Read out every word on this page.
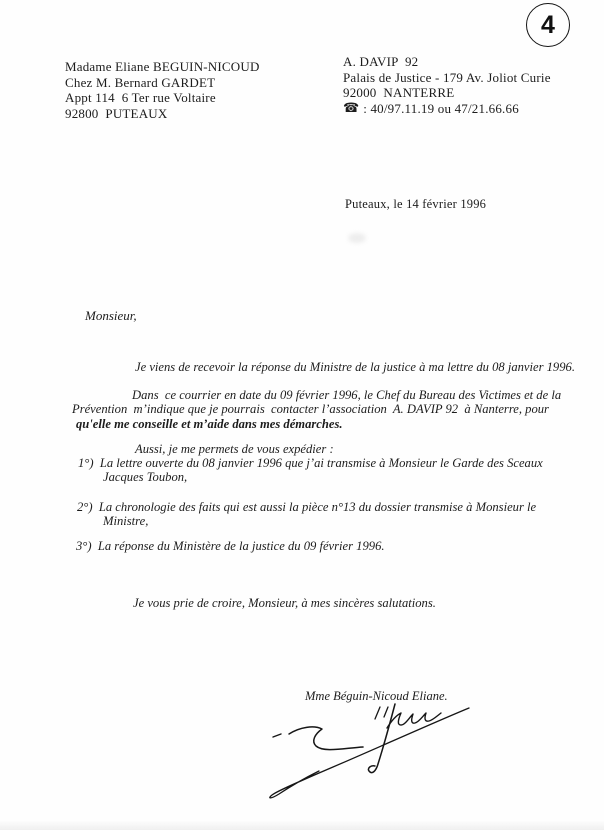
4
Madame Eliane BEGUIN-NICOUD
Chez M. Bernard GARDET
Appt 114  6 Ter rue Voltaire
92800  PUTEAUX
A. DAVIP  92
Palais de Justice - 179 Av. Joliot Curie
92000  NANTERRE
☎ : 40/97.11.19 ou 47/21.66.66
Puteaux, le 14 février 1996
Monsieur,
Je viens de recevoir la réponse du Ministre de la justice à ma lettre du 08 janvier 1996.
Dans  ce courrier en date du 09 février 1996, le Chef du Bureau des Victimes et de la
Prévention  m’indique que je pourrais  contacter l’association  A. DAVIP 92  à Nanterre, pour
qu'elle me conseille et m’aide dans mes démarches.
Aussi, je me permets de vous expédier :
1°)  La lettre ouverte du 08 janvier 1996 que j’ai transmise à Monsieur le Garde des Sceaux
Jacques Toubon,
2°)  La chronologie des faits qui est aussi la pièce n°13 du dossier transmise à Monsieur le
Ministre,
3°)  La réponse du Ministère de la justice du 09 février 1996.
Je vous prie de croire, Monsieur, à mes sincères salutations.
Mme Béguin-Nicoud Eliane.
